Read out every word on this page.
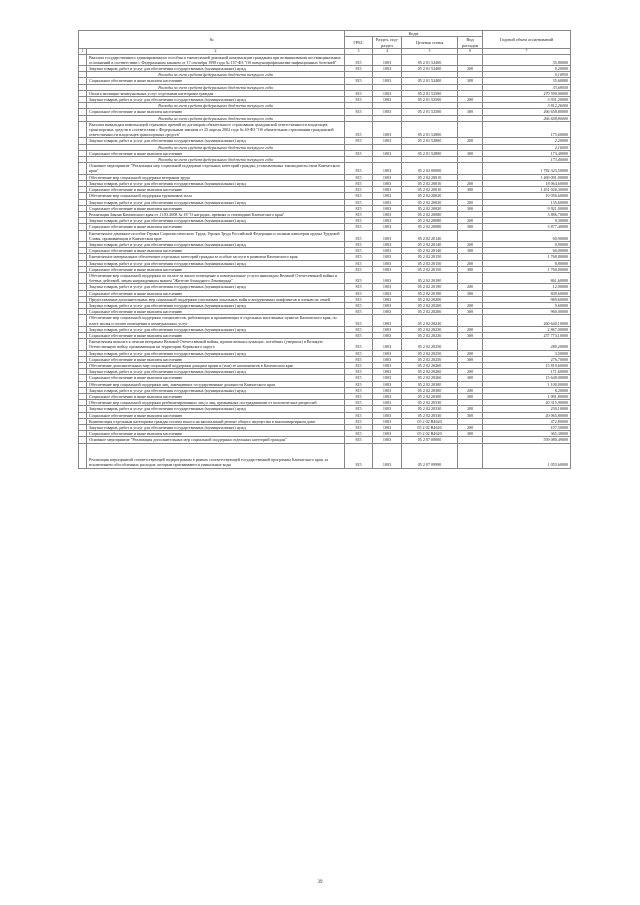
№		Коды				Годовой объем ассигнований
		ГРБС	Раздел, под-раздел	Целевая статья	Вид расходов	
1	2	3	4	5	6	7
	Выплата государственного единовременного пособия и ежемесячной денежной компенсации гражданам при возникновении поствакцинальных осложнений в соответствии с Федеральным законом от 17 сентября 1998 года № 157-ФЗ "Об иммунопрофилактике инфекционных болезней"	815	1003	05 2 01 52400		35,80000
	Закупка товаров, работ и услуг для обеспечения государственных (муниципальных) нужд	815	1003	05 2 01 52400	200	0,20000
	Расходы за счет средств федерального бюджета текущего года					0,16950
	Социальное обеспечение и иные выплаты населению	815	1003	05 2 01 52400	300	35,60000
	Расходы за счет средств федерального бюджета текущего года					33,69050
	Оплата жилищно-коммунальных услуг отдельным категориям граждан	815	1003	05 2 01 52500		270 590,00000
	Закупка товаров, работ и услуг для обеспечения государственных (муниципальных) нужд	815	1003	05 2 01 52500	200	3 931,20000
	Расходы за счет средств федерального бюджета текущего года					3 812,26000
	Социальное обеспечение и иные выплаты населению	815	1003	05 2 01 52500	300	266 658,80000
	Расходы за счет средств федерального бюджета текущего года					266 658,80000
	Выплата инвалидам компенсаций страховых премий по договорам обязательного страхования гражданской ответственности владельцев транспортных средств в соответствии с Федеральным законом от 25 апреля 2002 года № 40-ФЗ "Об обязательном страховании гражданской ответственности владельцев транспортных средств"	815	1003	05 2 01 52800		175,60000
	Закупка товаров, работ и услуг для обеспечения государственных (муниципальных) нужд	815	1003	05 2 01 52800	200	2,20000
	Расходы за счет средств федерального бюджета текущего года					2,16000
	Социальное обеспечение и иные выплаты населению	815	1003	05 2 01 52800	300	173,40000
	Расходы за счет средств федерального бюджета текущего года					173,40000
	Основное мероприятие "Реализация мер социальной поддержки отдельных категорий граждан, установленных законодательством Камчатского края"	815	1003	05 2 02 00000		1 782 323,50000
	Обеспечение мер социальной поддержки ветеранов труда	815	1003	05 2 02 20010		1 469 091,00000
	Закупка товаров, работ и услуг для обеспечения государственных (муниципальных) нужд	815	1003	05 2 02 20010	200	18 064,60000
	Социальное обеспечение и иные выплаты населению	815	1003	05 2 02 20010	300	1 451 026,30000
	Обеспечение мер социальной поддержки тружеников тыла	815	1003	05 2 02 20020		10 056,60000
	Закупка товаров, работ и услуг для обеспечения государственных (муниципальных) нужд	815	1003	05 2 02 20020	200	135,60000
	Социальное обеспечение и иные выплаты населению	815	1003	05 2 02 20020	300	9 921,00000
	Реализация Закона Камчатского края от 11.03.2008 № 18 "О наградах, премиях и стипендиях Камчатского края"	815	1003	05 2 02 20080		3 886,70000
	Закупка товаров, работ и услуг для обеспечения государственных (муниципальных) нужд	815	1003	05 2 02 20080	200	9,30000
	Социальное обеспечение и иные выплаты населению	815	1003	05 2 02 20080	300	3 877,40000
	Ежемесячное денежное пособие Героям Социалистического Труда, Героям Труда Российской Федерации и полным кавалерам ордена Трудовой Славы, проживающим в Камчатском крае	815	1003	05 2 02 20140		60,90000
	Закупка товаров, работ и услуг для обеспечения государственных (муниципальных) нужд	815	1003	05 2 02 20140	200	0,90000
	Социальное обеспечение и иные выплаты населению	815	1003	05 2 02 20140	300	60,00000
	Ежемесячное материальное обеспечение отдельных категорий граждан за особые заслуги в развитии Камчатского края	815	1003	05 2 02 20150		1 768,80000
	Закупка товаров, работ и услуг для обеспечения государственных (муниципальных) нужд	815	1003	05 2 02 20150	200	8,80000
	Социальное обеспечение и иные выплаты населению	815	1003	05 2 02 20150	300	1 760,00000
	Обеспечение мер социальной поддержки по оплате за жилое помещение и коммунальные услуги инвалидам Великой Отечественной войны и боевых действий, лицам награжденным знаком "Жителю блокадного Ленинграда"	815	1003	05 2 02 20190		861,60000
	Закупка товаров, работ и услуг для обеспечения государственных (муниципальных) нужд	815	1003	05 2 02 20190	200	12,00000
	Социальное обеспечение и иные выплаты населению	815	1003	05 2 02 20190	300	849,60000
	Предоставление дополнительных мер социальной поддержки участникам локальных войн и вооруженных конфликтов и членам их семей	815	1003	05 2 02 20200		969,60000
	Закупка товаров, работ и услуг для обеспечения государственных (муниципальных) нужд	815	1003	05 2 02 20200	200	9,60000
	Социальное обеспечение и иные выплаты населению	815	1003	05 2 02 20200	300	960,00000
	Обеспечение мер социальной поддержки специалистов, работающих и проживающих в отдельных населенных пунктах Камчатского края, по плате жилья и оплате помещения и коммунальных услуг	815	1003	05 2 02 20230		260 640,10000
	Закупка товаров, работ и услуг для обеспечения государственных (муниципальных) нужд	815	1003	05 2 02 20230	200	2 867,00000
	Социальное обеспечение и иные выплаты населению	815	1003	05 2 02 20230	300	257 773,10000
	Ежемесячная выплата к пенсии ветеранам Великой Отечественной войны, вдовам военнослужащих, погибших (умерших) в Великую Отечественную войну, проживающим на территории Корякского округа	815	1003	05 2 02 20250		280,20000
	Закупка товаров, работ и услуг для обеспечения государственных (муниципальных) нужд	815	1003	05 2 02 20250	200	3,50000
	Социальное обеспечение и иные выплаты населению	815	1003	05 2 02 20250	300	276,70000
	Обеспечение дополнительных мер социальной поддержки донорам крови и (или) ее компонентов в Камчатском крае	815	1003	05 2 02 20260		15 819,60000
	Закупка товаров, работ и услуг для обеспечения государственных (муниципальных) нужд	815	1003	05 2 02 20260	200	171,60000
	Социальное обеспечение и иные выплаты населению	815	1003	05 2 02 20260	300	15 648,00000
	Обеспечение мер социальной поддержки лиц, замещавших государственные должности Камчатского края	815	1003	05 2 02 20300		1 100,00000
	Закупка товаров, работ и услуг для обеспечения государственных (муниципальных) нужд	815	1003	05 2 02 20300	200	8,20000
	Социальное обеспечение и иные выплаты населению	815	1003	05 2 02 20300	300	1 091,80000
	Обеспечение мер социальной поддержки реабилитированных лиц и лиц, признанных пострадавшими от политических репрессий	815	1003	05 2 02 20330		20 315,90000
	Закупка товаров, работ и услуг для обеспечения государственных (муниципальных) нужд	815	1003	05 2 02 20330	200	250,10000
	Социальное обеспечение и иные выплаты населению	815	1003	05 2 02 20330	300	20 065,80000
	Компенсация отдельным категориям граждан оплаты взноса на капитальный ремонт общего имущества в многоквартирном доме	815	1003	05 2 02 R4620		472,80000
	Закупка товаров, работ и услуг для обеспечения государственных (муниципальных) нужд	815	1003	05 2 02 R4620	200	107,50000
	Социальное обеспечение и иные выплаты населению	815	1003	05 2 02 R4620	300	365,30000
	Основное мероприятие "Реализация дополнительных мер социальной поддержки отдельных категорий граждан"	815	1003	05 2 07 00000		559 080,49000
	Реализация мероприятий соответствующей подпрограммы в рамках соответствующей государственной программы Камчатского края, за исключением обособленных расходов, которым присваиваются уникальные коды	815	1003	05 2 07 09990		1 055,60000
39
